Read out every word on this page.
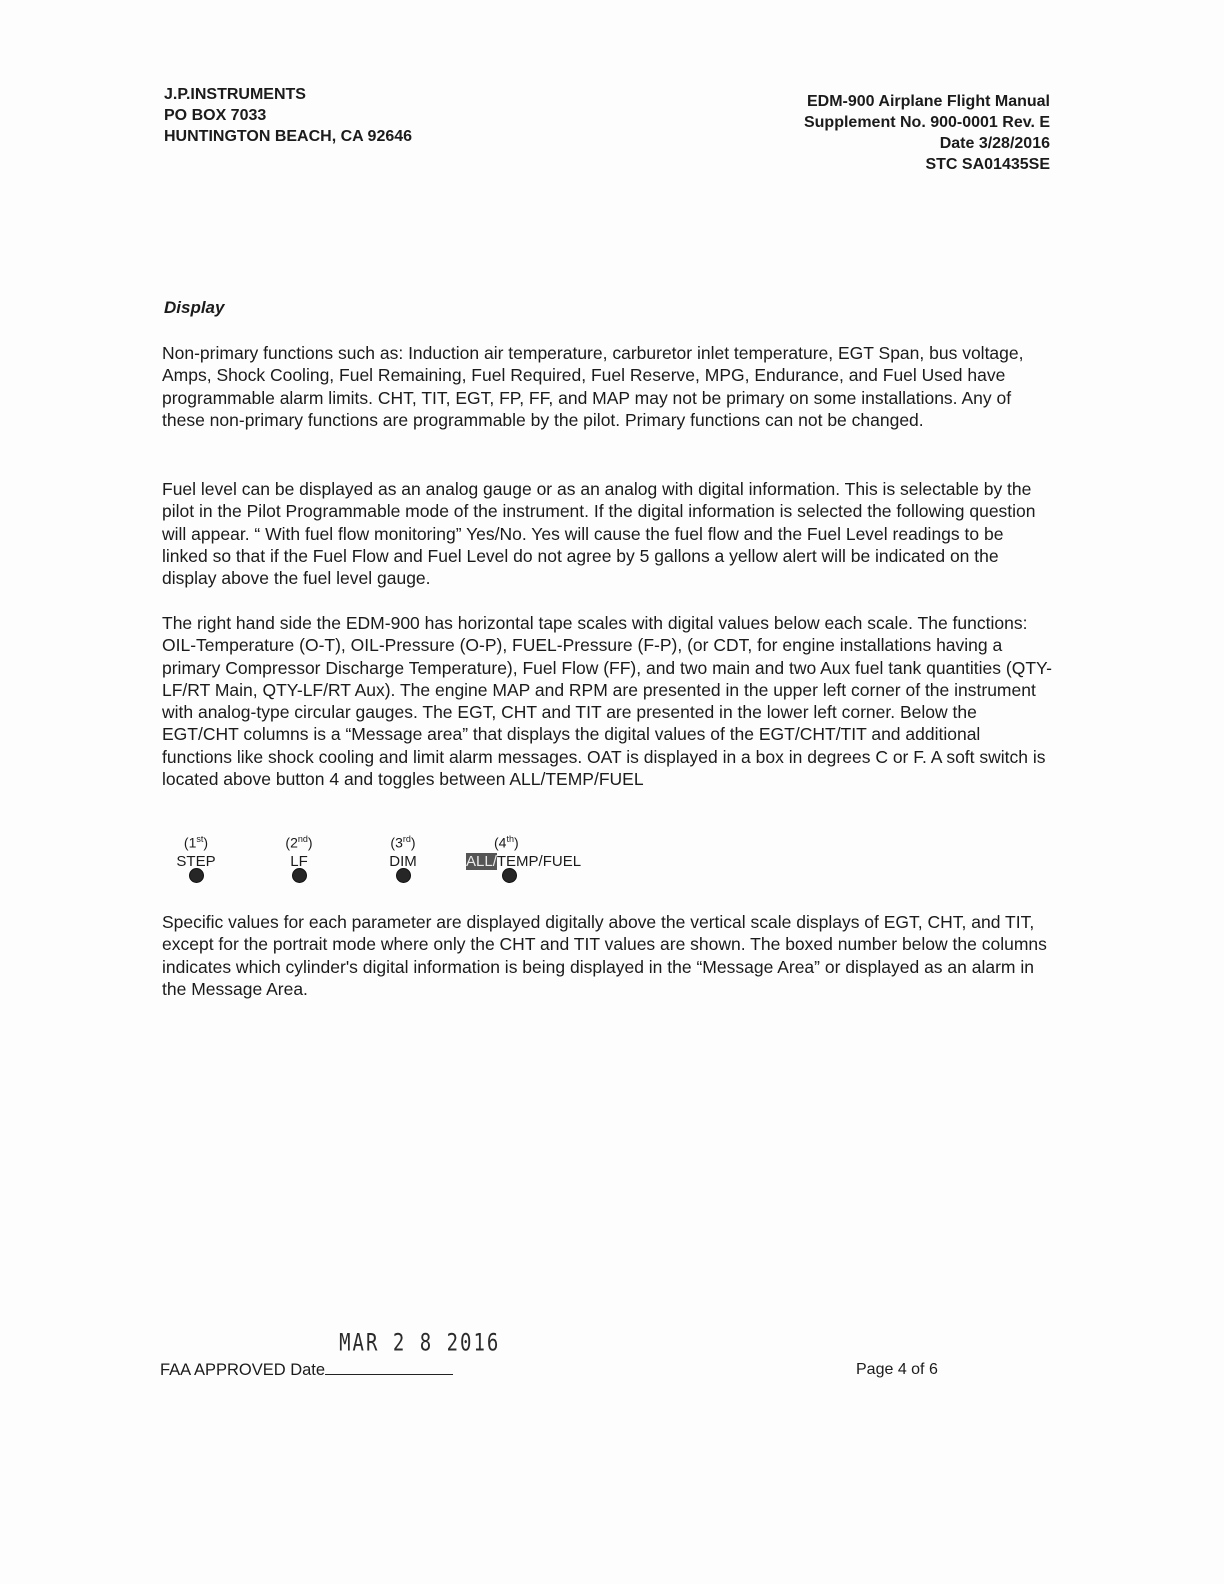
J.P.INSTRUMENTS
PO BOX 7033
HUNTINGTON BEACH, CA 92646
EDM-900 Airplane Flight Manual
Supplement No. 900-0001 Rev. E
Date 3/28/2016
STC SA01435SE
Display

Non-primary functions such as: Induction air temperature, carburetor inlet temperature, EGT Span, bus voltage, Amps, Shock Cooling, Fuel Remaining, Fuel Required, Fuel Reserve, MPG, Endurance, and Fuel Used have programmable alarm limits. CHT, TIT, EGT, FP, FF, and MAP may not be primary on some installations. Any of these non-primary functions are programmable by the pilot. Primary functions can not be changed.

Fuel level can be displayed as an analog gauge or as an analog with digital information. This is selectable by the pilot in the Pilot Programmable mode of the instrument. If the digital information is selected the following question will appear. “ With fuel flow monitoring” Yes/No. Yes will cause the fuel flow and the Fuel Level readings to be linked so that if the Fuel Flow and Fuel Level do not agree by 5 gallons a yellow alert will be indicated on the display above the fuel level gauge.

The right hand side the EDM-900 has horizontal tape scales with digital values below each scale. The functions: OIL-Temperature (O-T), OIL-Pressure (O-P), FUEL-Pressure (F-P), (or CDT, for engine installations having a primary Compressor Discharge Temperature), Fuel Flow (FF), and two main and two Aux fuel tank quantities (QTY-LF/RT Main, QTY-LF/RT Aux). The engine MAP and RPM are presented in the upper left corner of the instrument with analog-type circular gauges. The EGT, CHT and TIT are presented in the lower left corner. Below the EGT/CHT columns is a “Message area” that displays the digital values of the EGT/CHT/TIT and additional functions like shock cooling and limit alarm messages. OAT is displayed in a box in degrees C or F. A soft switch is located above button 4 and toggles between ALL/TEMP/FUEL

(1st)
STEP
(2nd)
LF
(3rd)
DIM
(4th)
ALL/TEMP/FUEL

Specific values for each parameter are displayed digitally above the vertical scale displays of EGT, CHT, and TIT, except for the portrait mode where only the CHT and TIT values are shown. The boxed number below the columns indicates which cylinder's digital information is being displayed in the “Message Area” or displayed as an alarm in the Message Area.

FAA APPROVED Date
MAR 2 8 2016
Page 4 of 6
